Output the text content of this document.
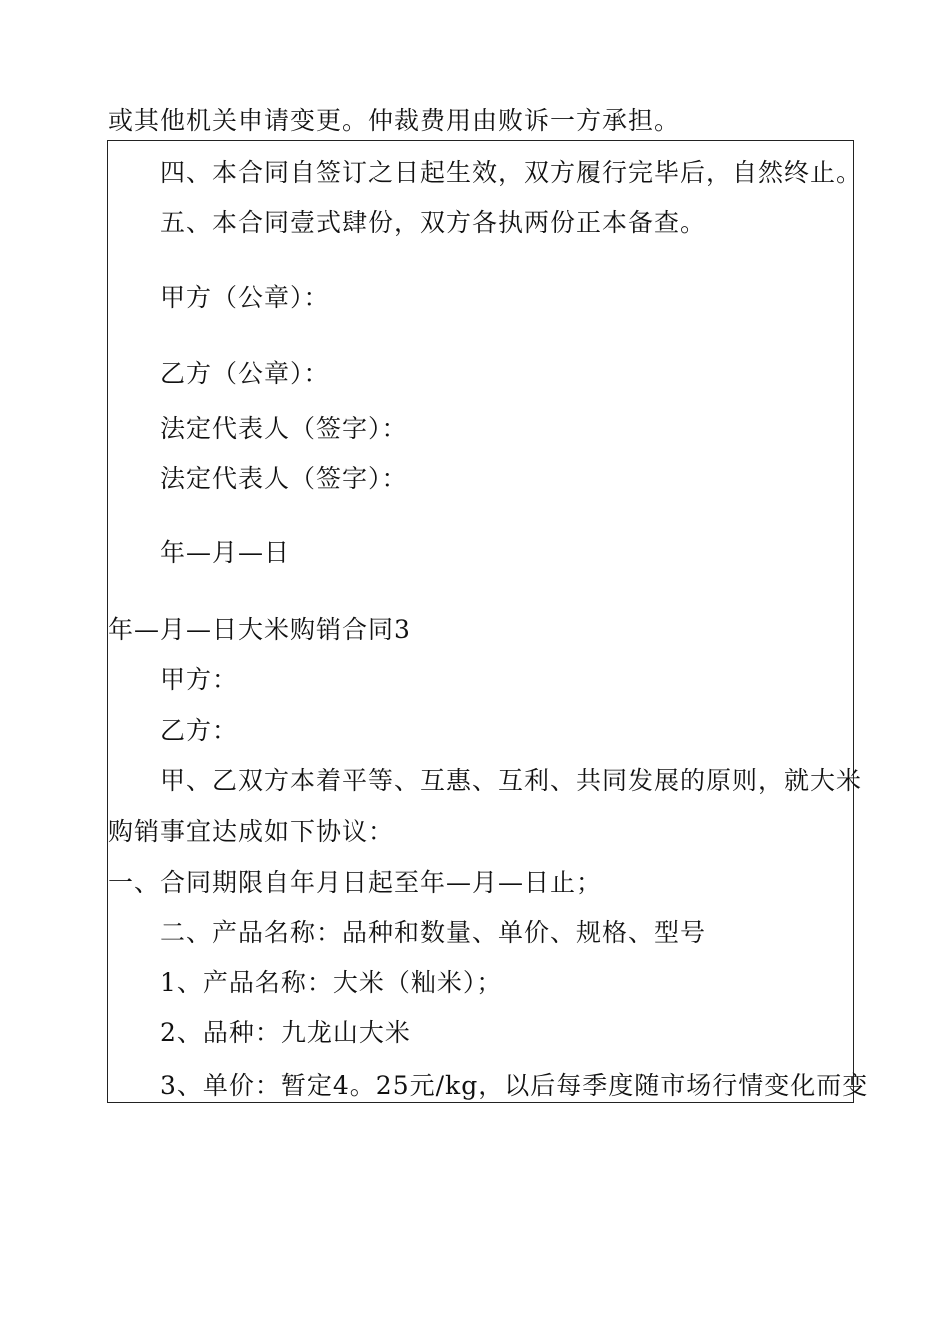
或其他机关申请变更。仲裁费用由败诉一方承担。
四、本合同自签订之日起生效，双方履行完毕后，自然终止。
五、本合同壹式肆份，双方各执两份正本备查。
甲方（公章）：
乙方（公章）：
法定代表人（签字）：
法定代表人（签字）：
年—月—日
年—月—日大米购销合同3
甲方：
乙方：
甲、乙双方本着平等、互惠、互利、共同发展的原则，就大米
购销事宜达成如下协议：
一、合同期限自年月日起至年—月—日止；
二、产品名称：品种和数量、单价、规格、型号
1、产品名称：大米（籼米）；
2、品种：九龙山大米
3、单价：暂定4。25元/kg，以后每季度随市场行情变化而变
